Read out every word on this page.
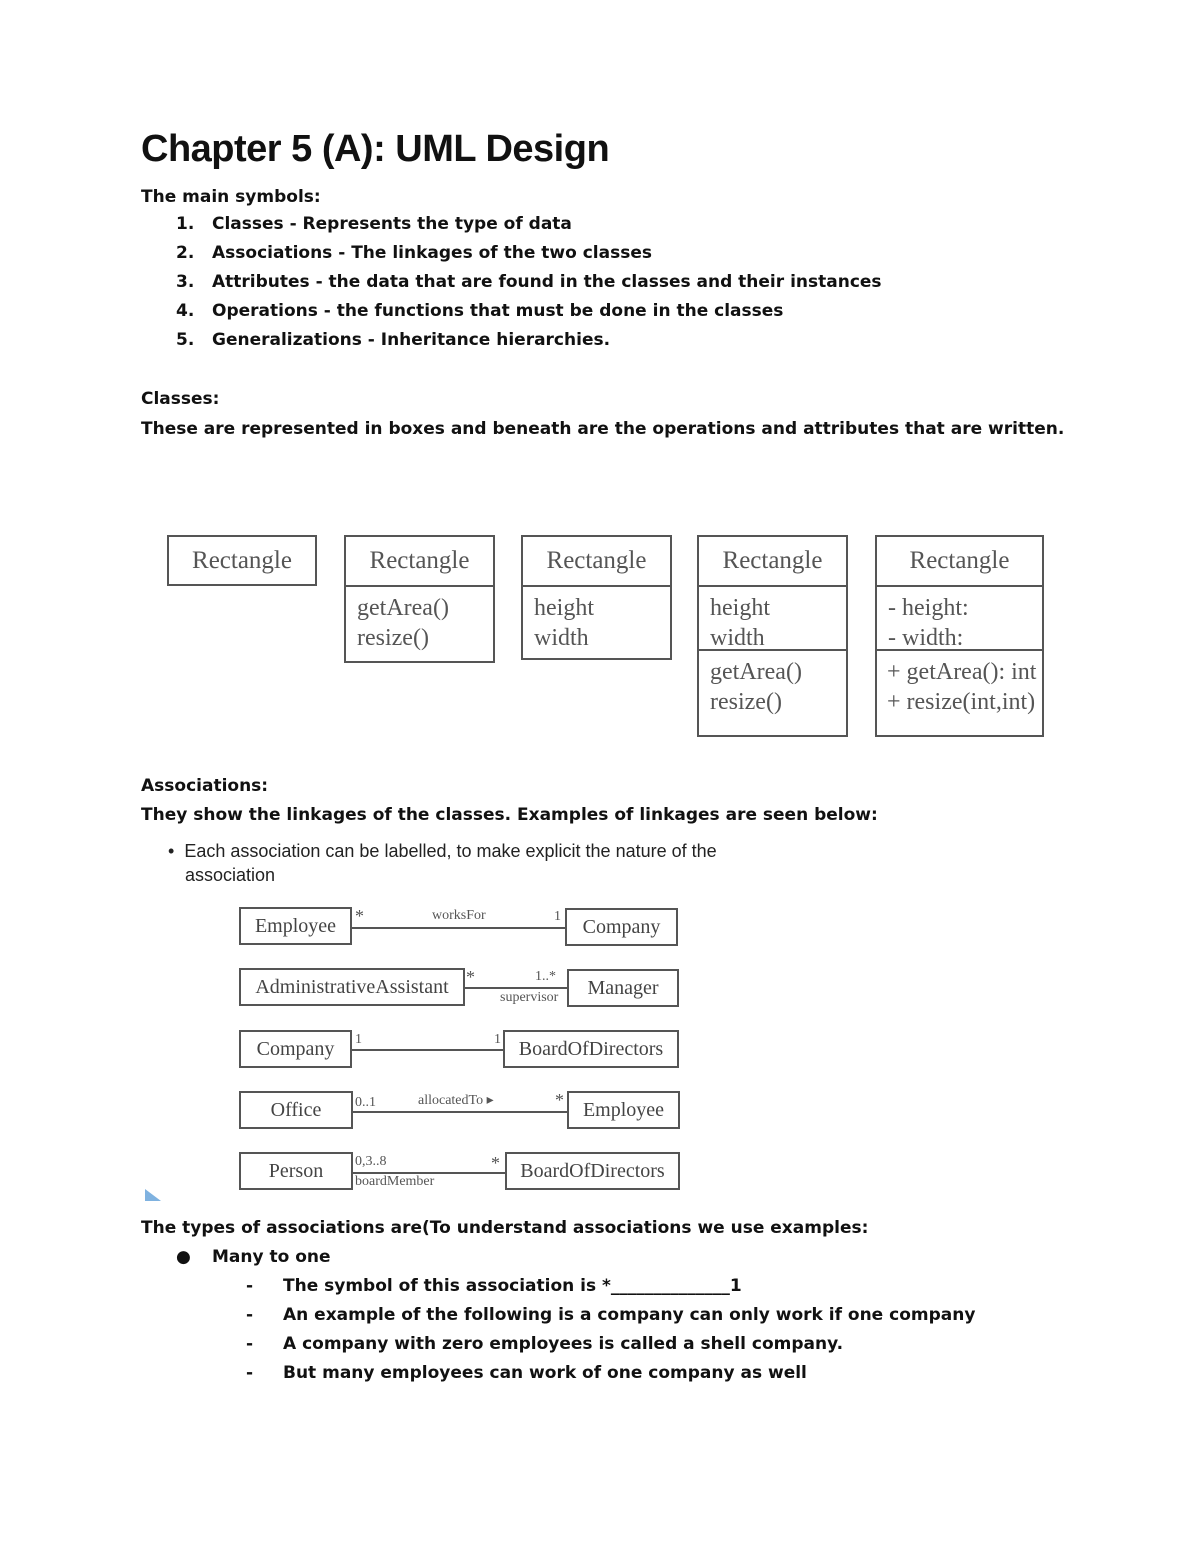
Chapter 5 (A): UML Design
The main symbols:
1. Classes - Represents the type of data
2. Associations - The linkages of the two classes
3. Attributes - the data that are found in the classes and their instances
4. Operations - the functions that must be done in the classes
5. Generalizations - Inheritance hierarchies.
Classes:
These are represented in boxes and beneath are the operations and attributes that are written.
Rectangle	Rectangle
getArea()
resize()
Rectangle
height
width
Rectangle
height
width
getArea()
resize()
Rectangle
- height:
- width:
+ getArea(): int
+ resize(int,int)
Associations:
They show the linkages of the classes. Examples of linkages are seen below:
•  Each association can be labelled, to make explicit the nature of the
association
Employee	*	worksFor	1	Company
AdministrativeAssistant *	1..*
supervisor	Manager
Company	1	1 BoardOfDirectors
Office	0..1	allocatedTo ▸	* Employee
Person	0,3..8
boardMember
*	BoardOfDirectors
The types of associations are(To understand associations we use examples:
● Many to one
- The symbol of this association is *______________1
- An example of the following is a company can only work if one company
- A company with zero employees is called a shell company.
- But many employees can work of one company as well
